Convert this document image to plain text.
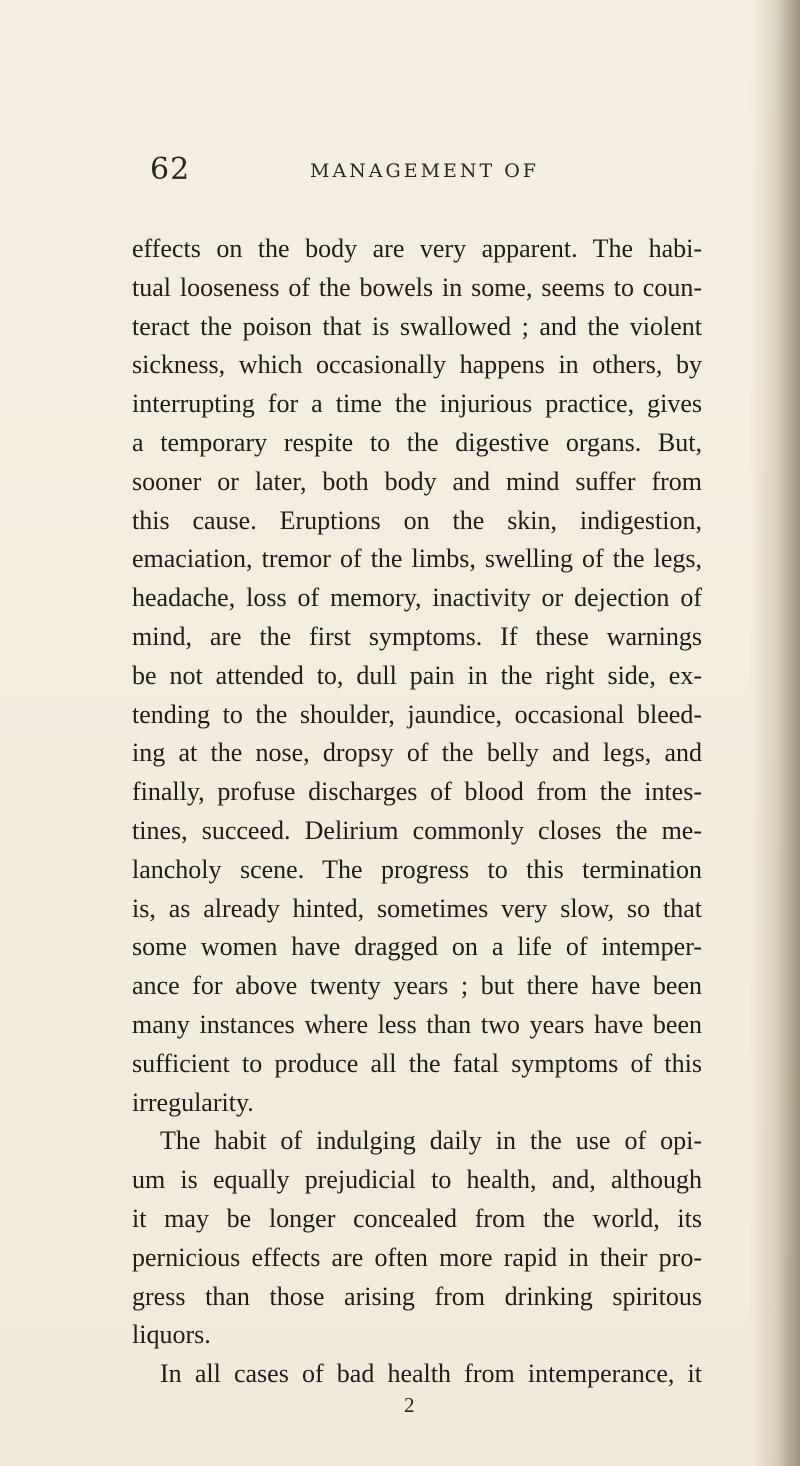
62	MANAGEMENT OF
effects on the body are very apparent. The habi-
tual looseness of the bowels in some, seems to coun-
teract the poison that is swallowed ; and the violent
sickness, which occasionally happens in others, by
interrupting for a time the injurious practice, gives
a temporary respite to the digestive organs. But,
sooner or later, both body and mind suffer from
this cause. Eruptions on the skin, indigestion,
emaciation, tremor of the limbs, swelling of the legs,
headache, loss of memory, inactivity or dejection of
mind, are the first symptoms. If these warnings
be not attended to, dull pain in the right side, ex-
tending to the shoulder, jaundice, occasional bleed-
ing at the nose, dropsy of the belly and legs, and
finally, profuse discharges of blood from the intes-
tines, succeed. Delirium commonly closes the me-
lancholy scene. The progress to this termination
is, as already hinted, sometimes very slow, so that
some women have dragged on a life of intemper-
ance for above twenty years ; but there have been
many instances where less than two years have been
sufficient to produce all the fatal symptoms of this
irregularity.
The habit of indulging daily in the use of opi-
um is equally prejudicial to health, and, although
it may be longer concealed from the world, its
pernicious effects are often more rapid in their pro-
gress than those arising from drinking spiritous
liquors.
In all cases of bad health from intemperance, it
2
